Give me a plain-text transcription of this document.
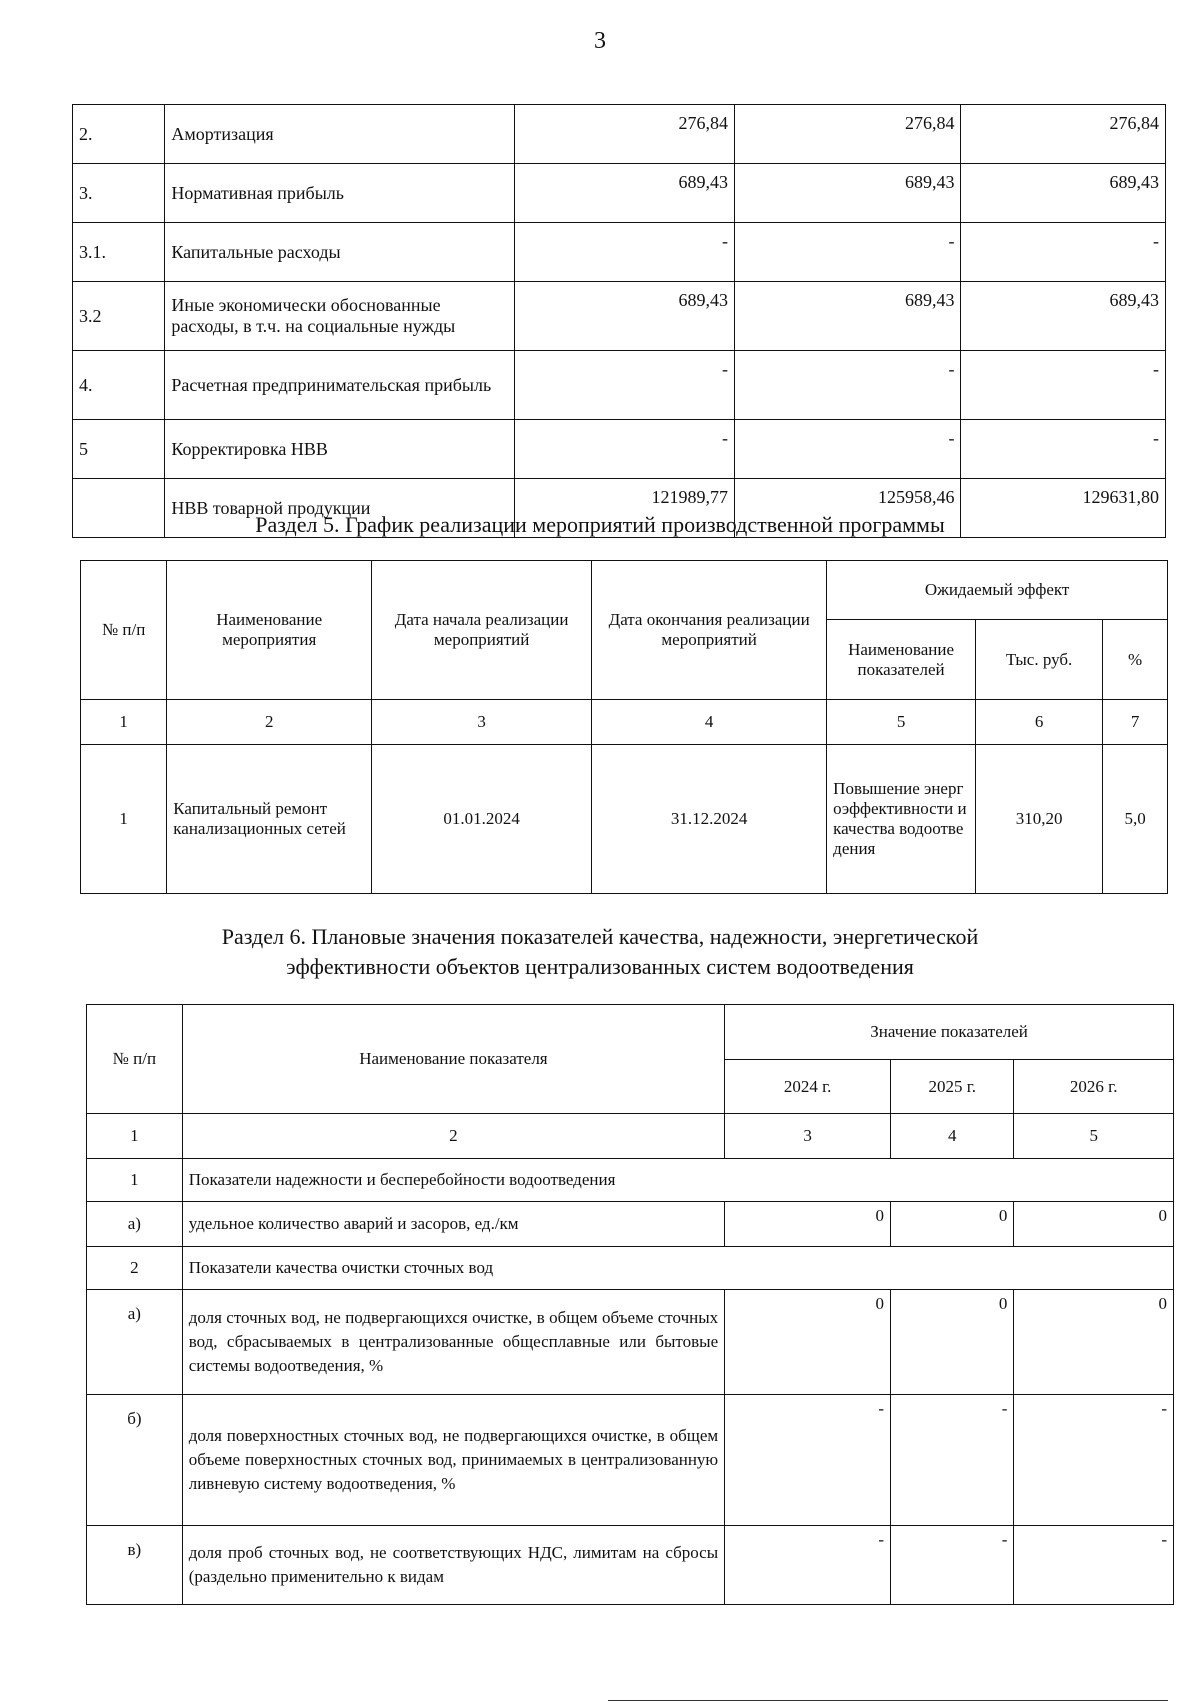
3
2.	Амортизация	276,84	276,84	276,84
3.	Нормативная прибыль	689,43	689,43	689,43
3.1.	Капитальные расходы	-	-	-
3.2	Иные экономически обоснованные расходы, в т.ч. на социальные нужды	689,43	689,43	689,43
4.	Расчетная предпринимательская прибыль	-	-	-
5	Корректировка НВВ	-	-	-
	НВВ товарной продукции	121989,77	125958,46	129631,80
Раздел 5. График реализации мероприятий производственной программы
№ п/п	Наименование мероприятия	Дата начала реализации мероприятий	Дата окончания реализации мероприятий	Ожидаемый эффект		
				Наименование показателей	Тыс. руб.	%
1	2	3	4	5	6	7
1	Капитальный ремонт канализационных сетей	01.01.2024	31.12.2024	Повышение энергоэффективности и качества водоотведения	310,20	5,0
Раздел 6. Плановые значения показателей качества, надежности, энергетической
эффективности объектов централизованных систем водоотведения
№ п/п	Наименование показателя	Значение показателей		
		2024 г.	2025 г.	2026 г.
1	2	3	4	5
1	Показатели надежности и бесперебойности водоотведения			
а)	удельное количество аварий и засоров, ед./км	0	0	0
2	Показатели качества очистки сточных вод			
а)	доля сточных вод, не подвергающихся очистке, в общем объеме сточных вод, сбрасываемых в централизованные общесплавные или бытовые системы водоотведения, %	0	0	0
б)	доля поверхностных сточных вод, не подвергающихся очистке, в общем объеме поверхностных сточных вод, принимаемых в централизованную ливневую систему водоотведения, %	-	-	-
в)	доля проб сточных вод, не соответствующих НДС, лимитам на сбросы (раздельно применительно к видам	-	-	-
